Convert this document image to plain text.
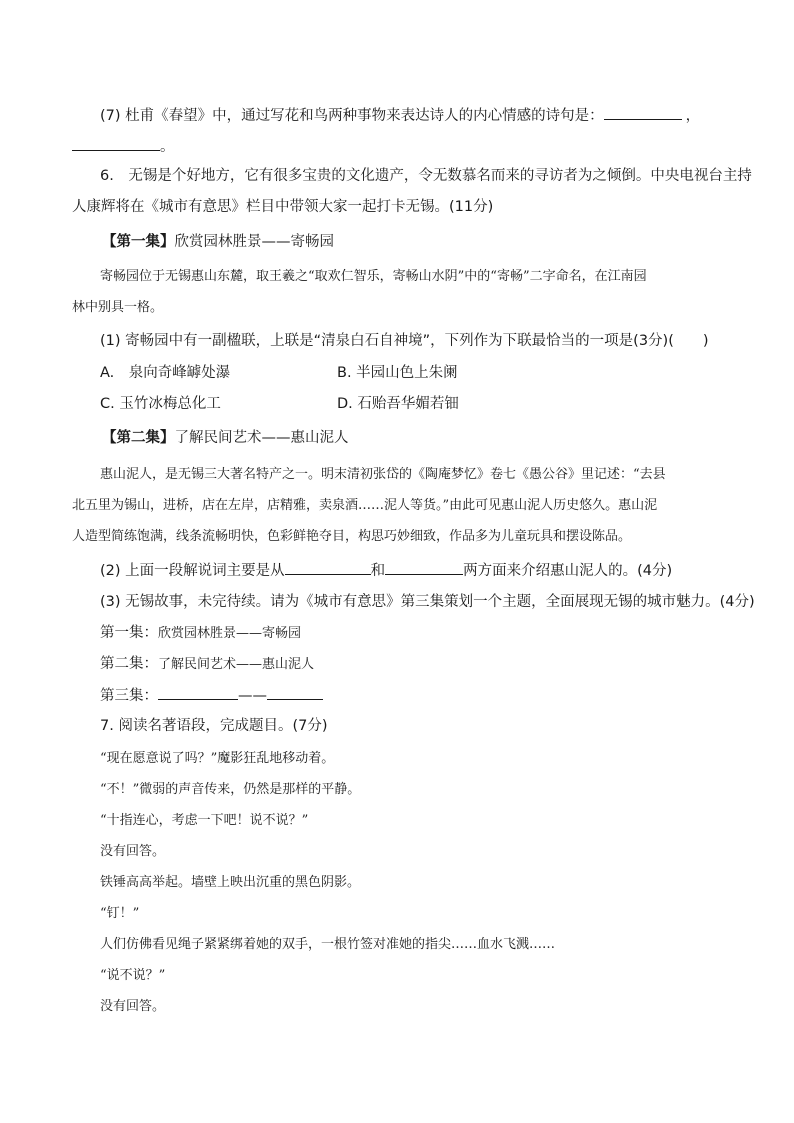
(7) 杜甫《春望》中，通过写花和鸟两种事物来表达诗人的内心情感的诗句是：	，
。
6.　无锡是个好地方，它有很多宝贵的文化遗产，令无数慕名而来的寻访者为之倾倒。中央电视台主持
人康辉将在《城市有意思》栏目中带领大家一起打卡无锡。(11分)
【第一集】欣赏园林胜景——寄畅园
寄畅园位于无锡惠山东麓，取王羲之“取欢仁智乐，寄畅山水阴”中的“寄畅”二字命名，在江南园
林中别具一格。
(1) 寄畅园中有一副楹联，上联是“清泉白石自神境”，下列作为下联最恰当的一项是(3分)(　　)
A.　泉向奇峰罅处瀑	B. 半园山色上朱阑
C. 玉竹冰梅总化工	D. 石贻吾华媚若钿
【第二集】了解民间艺术——惠山泥人
惠山泥人，是无锡三大著名特产之一。明末清初张岱的《陶庵梦忆》卷七《愚公谷》里记述：“去县
北五里为锡山，进桥，店在左岸，店精雅，卖泉酒……泥人等货。”由此可见惠山泥人历史悠久。惠山泥
人造型简练饱满，线条流畅明快，色彩鲜艳夺目，构思巧妙细致，作品多为儿童玩具和摆设陈品。
(2) 上面一段解说词主要是从	和	两方面来介绍惠山泥人的。(4分)
(3) 无锡故事，未完待续。请为《城市有意思》第三集策划一个主题，全面展现无锡的城市魅力。(4分)
第一集：欣赏园林胜景——寄畅园
第二集：了解民间艺术——惠山泥人
第三集：	——
7. 阅读名著语段，完成题目。(7分)
“现在愿意说了吗？”魔影狂乱地移动着。
“不！”微弱的声音传来，仍然是那样的平静。
“十指连心，考虑一下吧！说不说？”
没有回答。
铁锤高高举起。墙壁上映出沉重的黑色阴影。
“钉！”
人们仿佛看见绳子紧紧绑着她的双手，一根竹签对准她的指尖……血水飞溅……
“说不说？”
没有回答。
